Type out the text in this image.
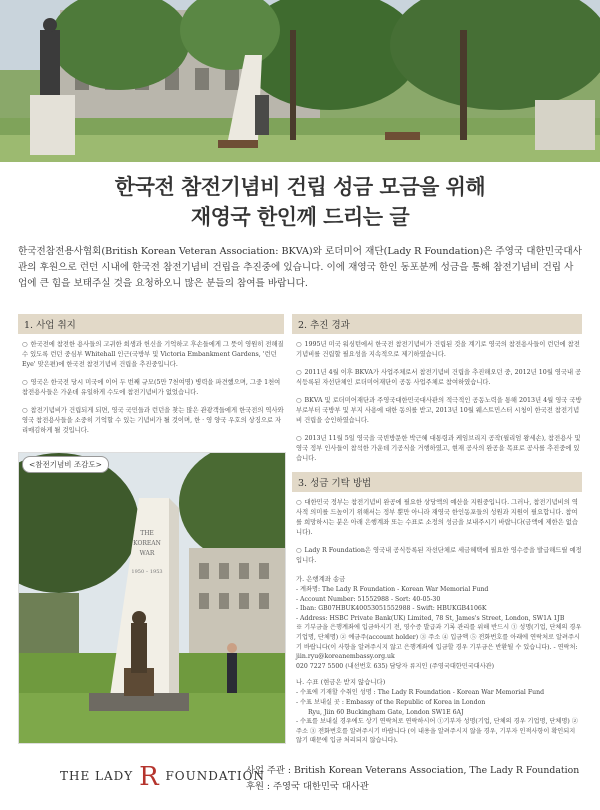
한국전 참전기념비 건립 성금 모금을 위해
재영국 한인께 드리는 글
한국전참전용사협회(British Korean Veteran Association: BKVA)와 로더미어 재단(Lady R Foundation)은 주영국 대한민국대사관의 후원으로 런던 시내에 한국전 참전기념비 건립을 추진중에 있습니다. 이에 재영국 한인 동포분께 성금을 통해 참전기념비 건립 사업에 큰 힘을 보태주실 것을 요청하오니 많은 분들의 참여를 바랍니다.
1. 사업 취지
○ 한국전에 참전한 용사들의 고귀한 희생과 헌신을 기억하고 후손들에게 그 뜻이 영원히 전해질 수 있도록 런던 중심부 Whitehall 인근(국방부 및 Victoria Embankment Gardens, '런던 Eye' 맞은편)에 한국전 참전기념비 건립을 추진중입니다.
○ 영국은 한국전 당시 미국에 이어 두 번째 규모(5만 7천여명) 병력을 파견했으며, 그중 1천여 참전용사들은 가운데 유일하게 수도에 참전기념비가 없었습니다.
○ 참전기념비가 건립되게 되면, 영국 국민들과 런던을 찾는 많은 관광객들에게 한국전의 역사와 영국 참전용사들을 소중히 기억할 수 있는 기념비가 될 것이며, 한 · 영 양국 우호의 상징으로 자리매김하게 될 것입니다.
THE
KOREAN
WAR
1950 – 1953
<참전기념비 조감도>
2. 추진 경과
○ 1995년 미국 워싱턴에서 한국전 참전기념비가 건립된 것을 계기로 영국의 참전용사들이 런던에 참전기념비를 건립할 필요성을 지속적으로 제기하였습니다.
○ 2011년 4월 이후 BKVA가 사업주체로서 참전기념비 건립을 추진해오던 중, 2012년 10월 영국내 공식등록된 자선단체인 로더미어재단이 공동 사업주체로 참여하였습니다.
○ BKVA 및 로더미어재단과 주영국대한민국대사관의 적극적인 공동노력을 통해 2013년 4월 영국 국방부로부터 국방부 및 부지 사용에 대한 동의를 받고, 2013년 10월 웨스트민스터 시청이 한국전 참전기념비 건립을 승인하였습니다.
○ 2013년 11월 5일 영국을 국빈방문한 박근혜 대통령과 케임브리지 공작(윌리엄 왕세손), 참전용사 및 영국 정부 인사들이 참석한 가운데 기공식을 거행하였고, 현재 공사의 완공을 목표로 공사를 추진중에 있습니다.
3. 성금 기탁 방법
○ 대한민국 정부는 참전기념비 완공에 필요한 상당액의 예산을 지원중입니다. 그러나, 참전기념비의 역사적 의미를 드높이기 위해서는 정부 뿐만 아니라 재영국 한인동포들의 성원과 지원이 필요합니다. 참여를 희망하시는 분은 아래 은행계좌 또는 수표로 소정의 성금을 보내주시기 바랍니다(금액에 제한은 없습니다).
○ Lady R Foundation은 영국내 공식등록된 자선단체로 세금혜택에 필요한 영수증을 발급해드릴 예정입니다.
가. 은행계좌 송금
- 계좌명: The Lady R Foundation - Korean War Memorial Fund
- Account Number: 51552988 - Sort: 40-05-30
- Iban: GB07HBUK40053051552988 - Swift: HBUKGB4106K
- Address: HSBC Private Bank(UK) Limited, 78 St, James's Street, London, SW1A 1JB
※ 기부금을 은행계좌에 입금하시기 전, 영수증 발급과 기록 관리를 위해 반드시 ① 성명(기업, 단체의 경우 기업명, 단체명) ② 예금주(account holder) ③ 주소 ④ 입금액 ⑤ 전화번호를 아래에 연락처로 알려주시기 바랍니다(이 사항을 알려주시지 않고 은행계좌에 입금할 경우 기부금은 반환될 수 있습니다). - 연락처: jiin.ryu@koreanembassy.org.uk
020 7227 5500 (내선번호 635) 담당자 류지인 (주영국대한민국대사관)
나. 수표 (현금은 받지 않습니다)
- 수표에 기재할 수취인 성명 : The Lady R Foundation - Korean War Memorial Fund
- 수표 보내실 곳 : Embassy of the Republic of Korea in London
Ryu, Jiin 60 Buckingham Gate, London SW1E 6AJ
- 수표를 보내실 경우에도 상기 연락처로 연락하시어 ①기부자 성명(기업, 단체의 경우 기업명, 단체명) ②주소 ③ 전화번호를 알려주시기 바랍니다 (이 내용을 알려주시지 않을 경우, 기부자 인적사항이 확인되지 않기 때문에 입금 처리되지 않습니다).
THE LADY R FOUNDATION
사업 주관 : British Korean Veterans Association, The Lady R Foundation
후원 : 주영국 대한민국 대사관
